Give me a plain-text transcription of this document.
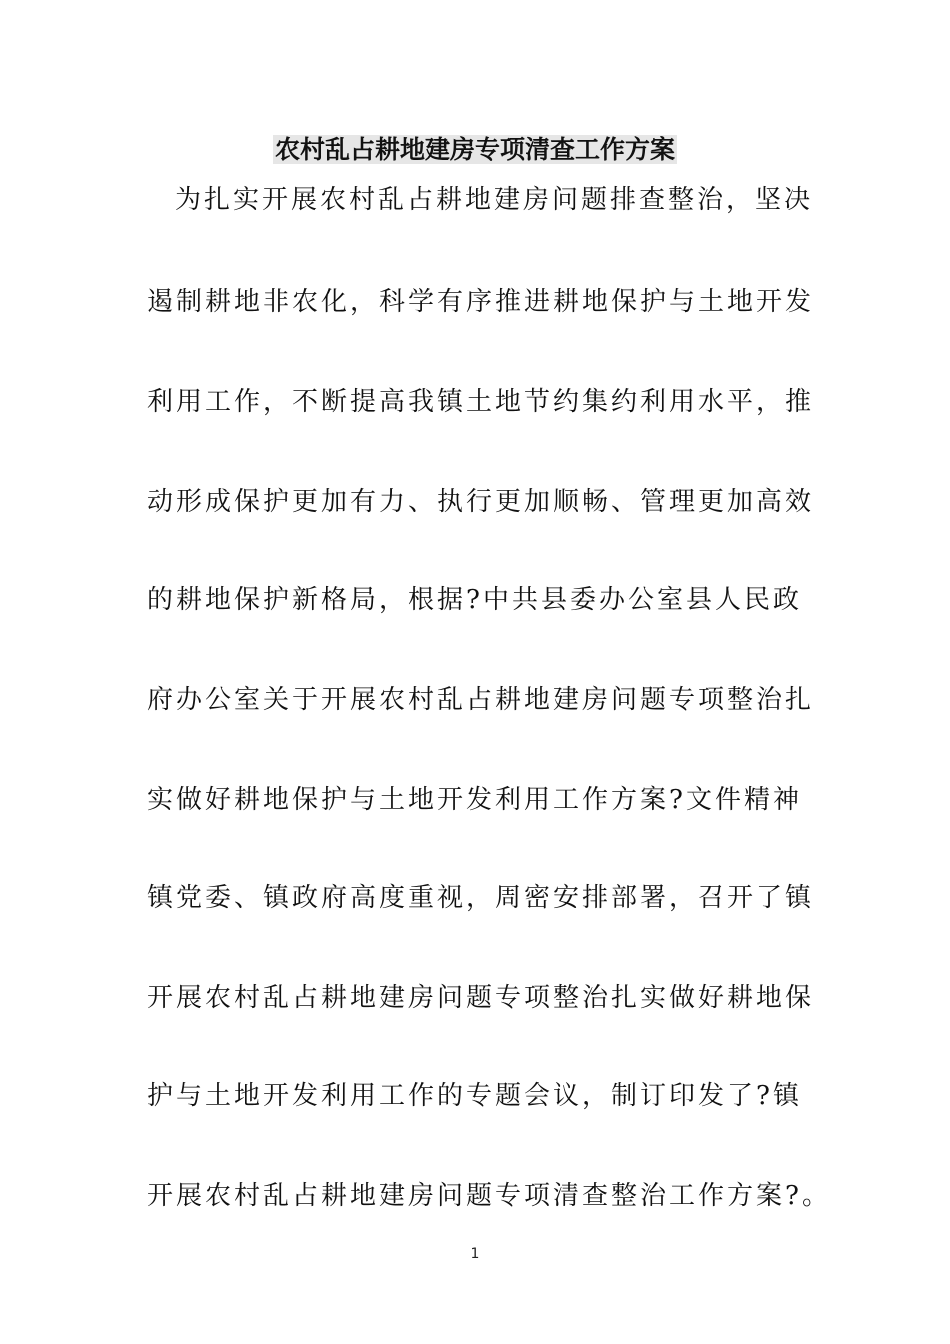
农村乱占耕地建房专项清查工作方案
为扎实开展农村乱占耕地建房问题排查整治，坚决
遏制耕地非农化，科学有序推进耕地保护与土地开发
利用工作，不断提高我镇土地节约集约利用水平，推
动形成保护更加有力、执行更加顺畅、管理更加高效
的耕地保护新格局，根据?中共县委办公室县人民政
府办公室关于开展农村乱占耕地建房问题专项整治扎
实做好耕地保护与土地开发利用工作方案?文件精神
镇党委、镇政府高度重视，周密安排部署，召开了镇
开展农村乱占耕地建房问题专项整治扎实做好耕地保
护与土地开发利用工作的专题会议，制订印发了?镇
开展农村乱占耕地建房问题专项清查整治工作方案?。
1
